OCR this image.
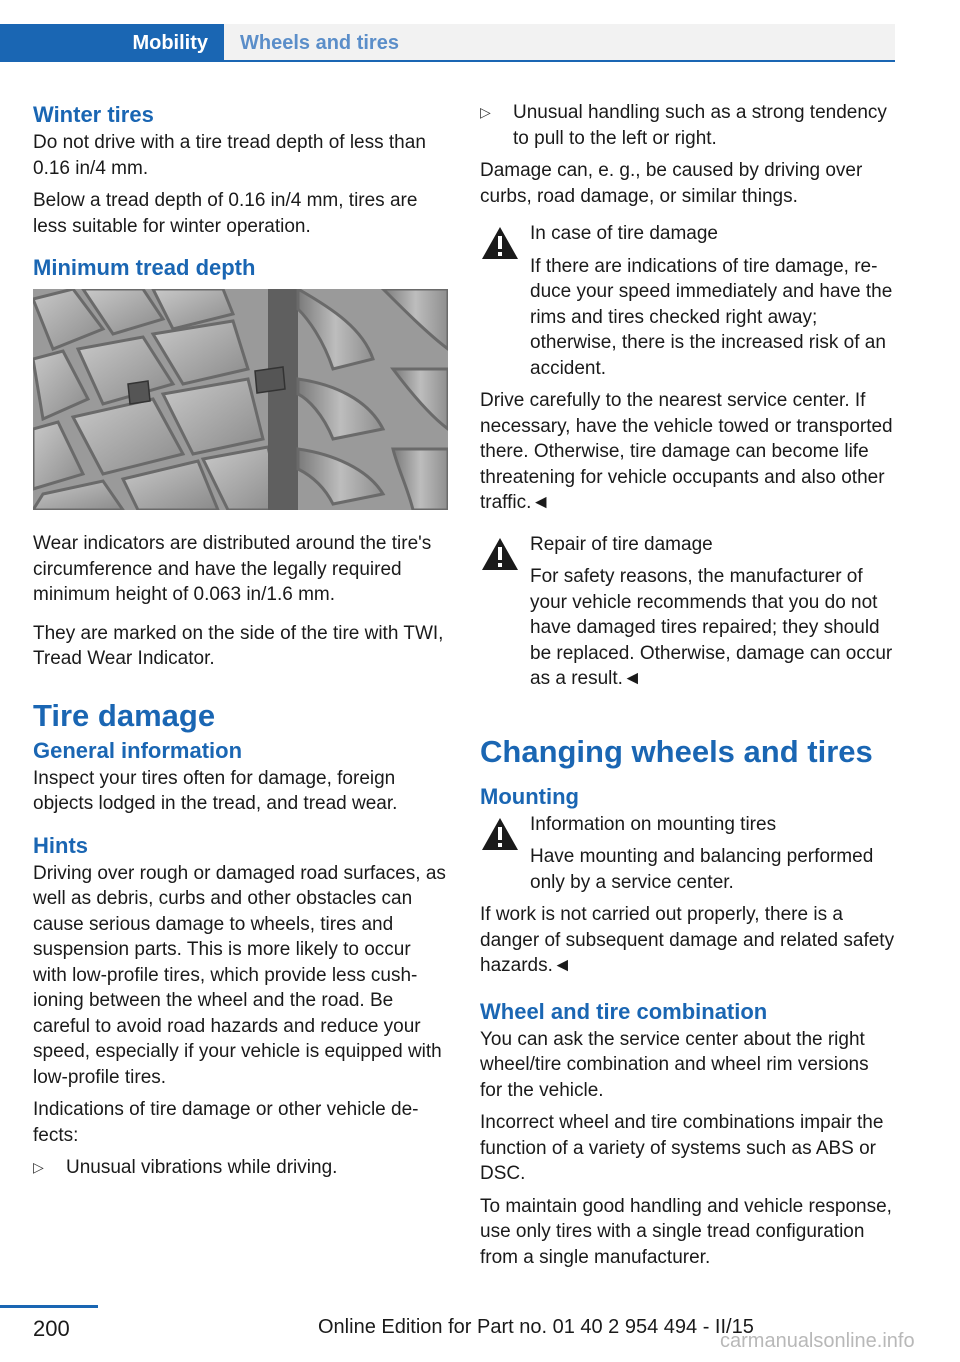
Mobility	Wheels and tires
Winter tires

Do not drive with a tire tread depth of less than 0.16 in/4 mm.

Below a tread depth of 0.16 in/4 mm, tires are less suitable for winter operation.

Minimum tread depth

Wear indicators are distributed around the tire's circumference and have the legally required minimum height of 0.063 in/1.6 mm.

They are marked on the side of the tire with TWI, Tread Wear Indicator.

Tire damage
General information

Inspect your tires often for damage, foreign objects lodged in the tread, and tread wear.

Hints

Driving over rough or damaged road surfaces, as well as debris, curbs and other obstacles can cause serious damage to wheels, tires and suspension parts. This is more likely to occur with low-profile tires, which provide less cushioning between the wheel and the road. Be careful to avoid road hazards and reduce your speed, especially if your vehicle is equipped with low-profile tires.

Indications of tire damage or other vehicle defects:

▷ Unusual vibrations while driving.
▷ Unusual handling such as a strong tendency to pull to the left or right.

Damage can, e. g., be caused by driving over curbs, road damage, or similar things.

In case of tire damage

If there are indications of tire damage, reduce your speed immediately and have the rims and tires checked right away; otherwise, there is the increased risk of an accident.

Drive carefully to the nearest service center. If necessary, have the vehicle towed or transported there. Otherwise, tire damage can become life threatening for vehicle occupants and also other traffic.◄

Repair of tire damage

For safety reasons, the manufacturer of your vehicle recommends that you do not have damaged tires repaired; they should be replaced. Otherwise, damage can occur as a result.◄

Changing wheels and tires
Mounting

Information on mounting tires

Have mounting and balancing performed only by a service center.

If work is not carried out properly, there is a danger of subsequent damage and related safety hazards.◄

Wheel and tire combination

You can ask the service center about the right wheel/tire combination and wheel rim versions for the vehicle.

Incorrect wheel and tire combinations impair the function of a variety of systems such as ABS or DSC.

To maintain good handling and vehicle response, use only tires with a single tread configuration from a single manufacturer.

200	Online Edition for Part no. 01 40 2 954 494 - II/15
carmanualsonline.info
